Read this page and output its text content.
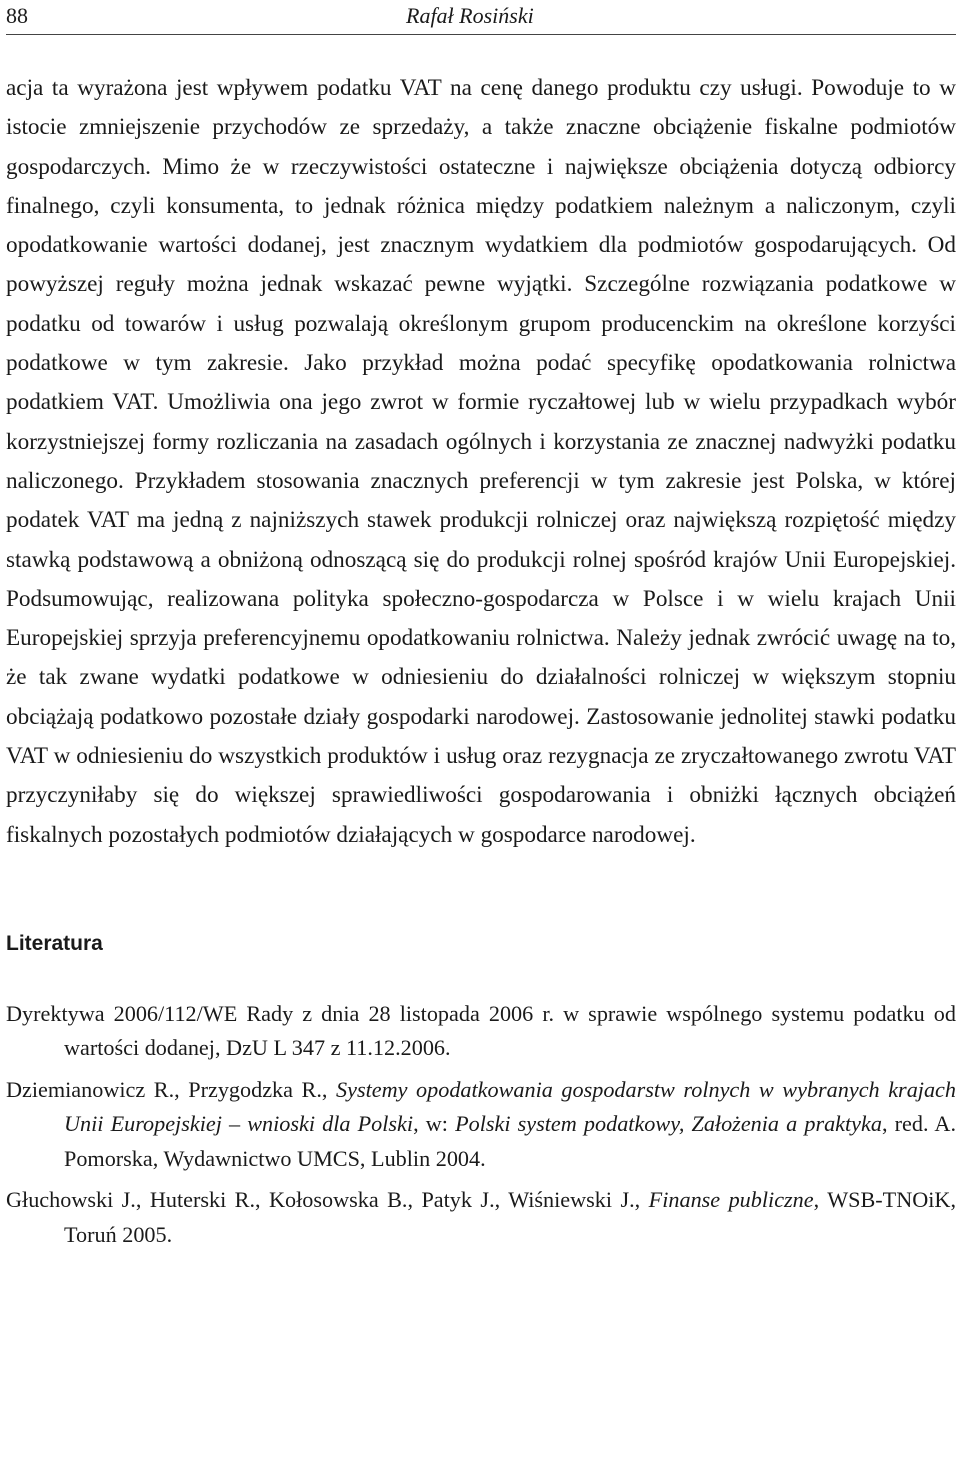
88	Rafał Rosiński

acja ta wyrażona jest wpływem podatku VAT na cenę danego produktu czy usługi. Powoduje to w istocie zmniejszenie przychodów ze sprzedaży, a także znaczne obciążenie fiskalne podmiotów gospodarczych. Mimo że w rzeczywistości ostateczne i największe obciążenia dotyczą odbiorcy finalnego, czyli konsumenta, to jednak różnica między podatkiem należnym a naliczonym, czyli opodatkowanie wartości dodanej, jest znacznym wydatkiem dla podmiotów gospodarujących. Od powyższej reguły można jednak wskazać pewne wyjątki. Szczególne rozwiązania podatkowe w podatku od towarów i usług pozwalają określonym grupom producenckim na określone korzyści podatkowe w tym zakresie. Jako przykład można podać specyfikę opodatkowania rolnictwa podatkiem VAT. Umożliwia ona jego zwrot w formie ryczałtowej lub w wielu przypadkach wybór korzystniejszej formy rozliczania na zasadach ogólnych i korzystania ze znacznej nadwyżki podatku naliczonego. Przykładem stosowania znacznych preferencji w tym zakresie jest Polska, w której podatek VAT ma jedną z najniższych stawek produkcji rolniczej oraz największą rozpiętość między stawką podstawową a obniżoną odnoszącą się do produkcji rolnej spośród krajów Unii Europejskiej. Podsumowując, realizowana polityka społeczno-gospodarcza w Polsce i w wielu krajach Unii Europejskiej sprzyja preferencyjnemu opodatkowaniu rolnictwa. Należy jednak zwrócić uwagę na to, że tak zwane wydatki podatkowe w odniesieniu do działalności rolniczej w większym stopniu obciążają podatkowo pozostałe działy gospodarki narodowej. Zastosowanie jednolitej stawki podatku VAT w odniesieniu do wszystkich produktów i usług oraz rezygnacja ze zryczałtowanego zwrotu VAT przyczyniłaby się do większej sprawiedliwości gospodarowania i obniżki łącznych obciążeń fiskalnych pozostałych podmiotów działających w gospodarce narodowej.

Literatura
Dyrektywa 2006/112/WE Rady z dnia 28 listopada 2006 r. w sprawie wspólnego systemu podatku od wartości dodanej, DzU L 347 z 11.12.2006.
Dziemianowicz R., Przygodzka R., Systemy opodatkowania gospodarstw rolnych w wybranych krajach Unii Europejskiej – wnioski dla Polski, w: Polski system podatkowy, Założenia a praktyka, red. A. Pomorska, Wydawnictwo UMCS, Lublin 2004.
Głuchowski J., Huterski R., Kołosowska B., Patyk J., Wiśniewski J., Finanse publiczne, WSB-TNOiK, Toruń 2005.
